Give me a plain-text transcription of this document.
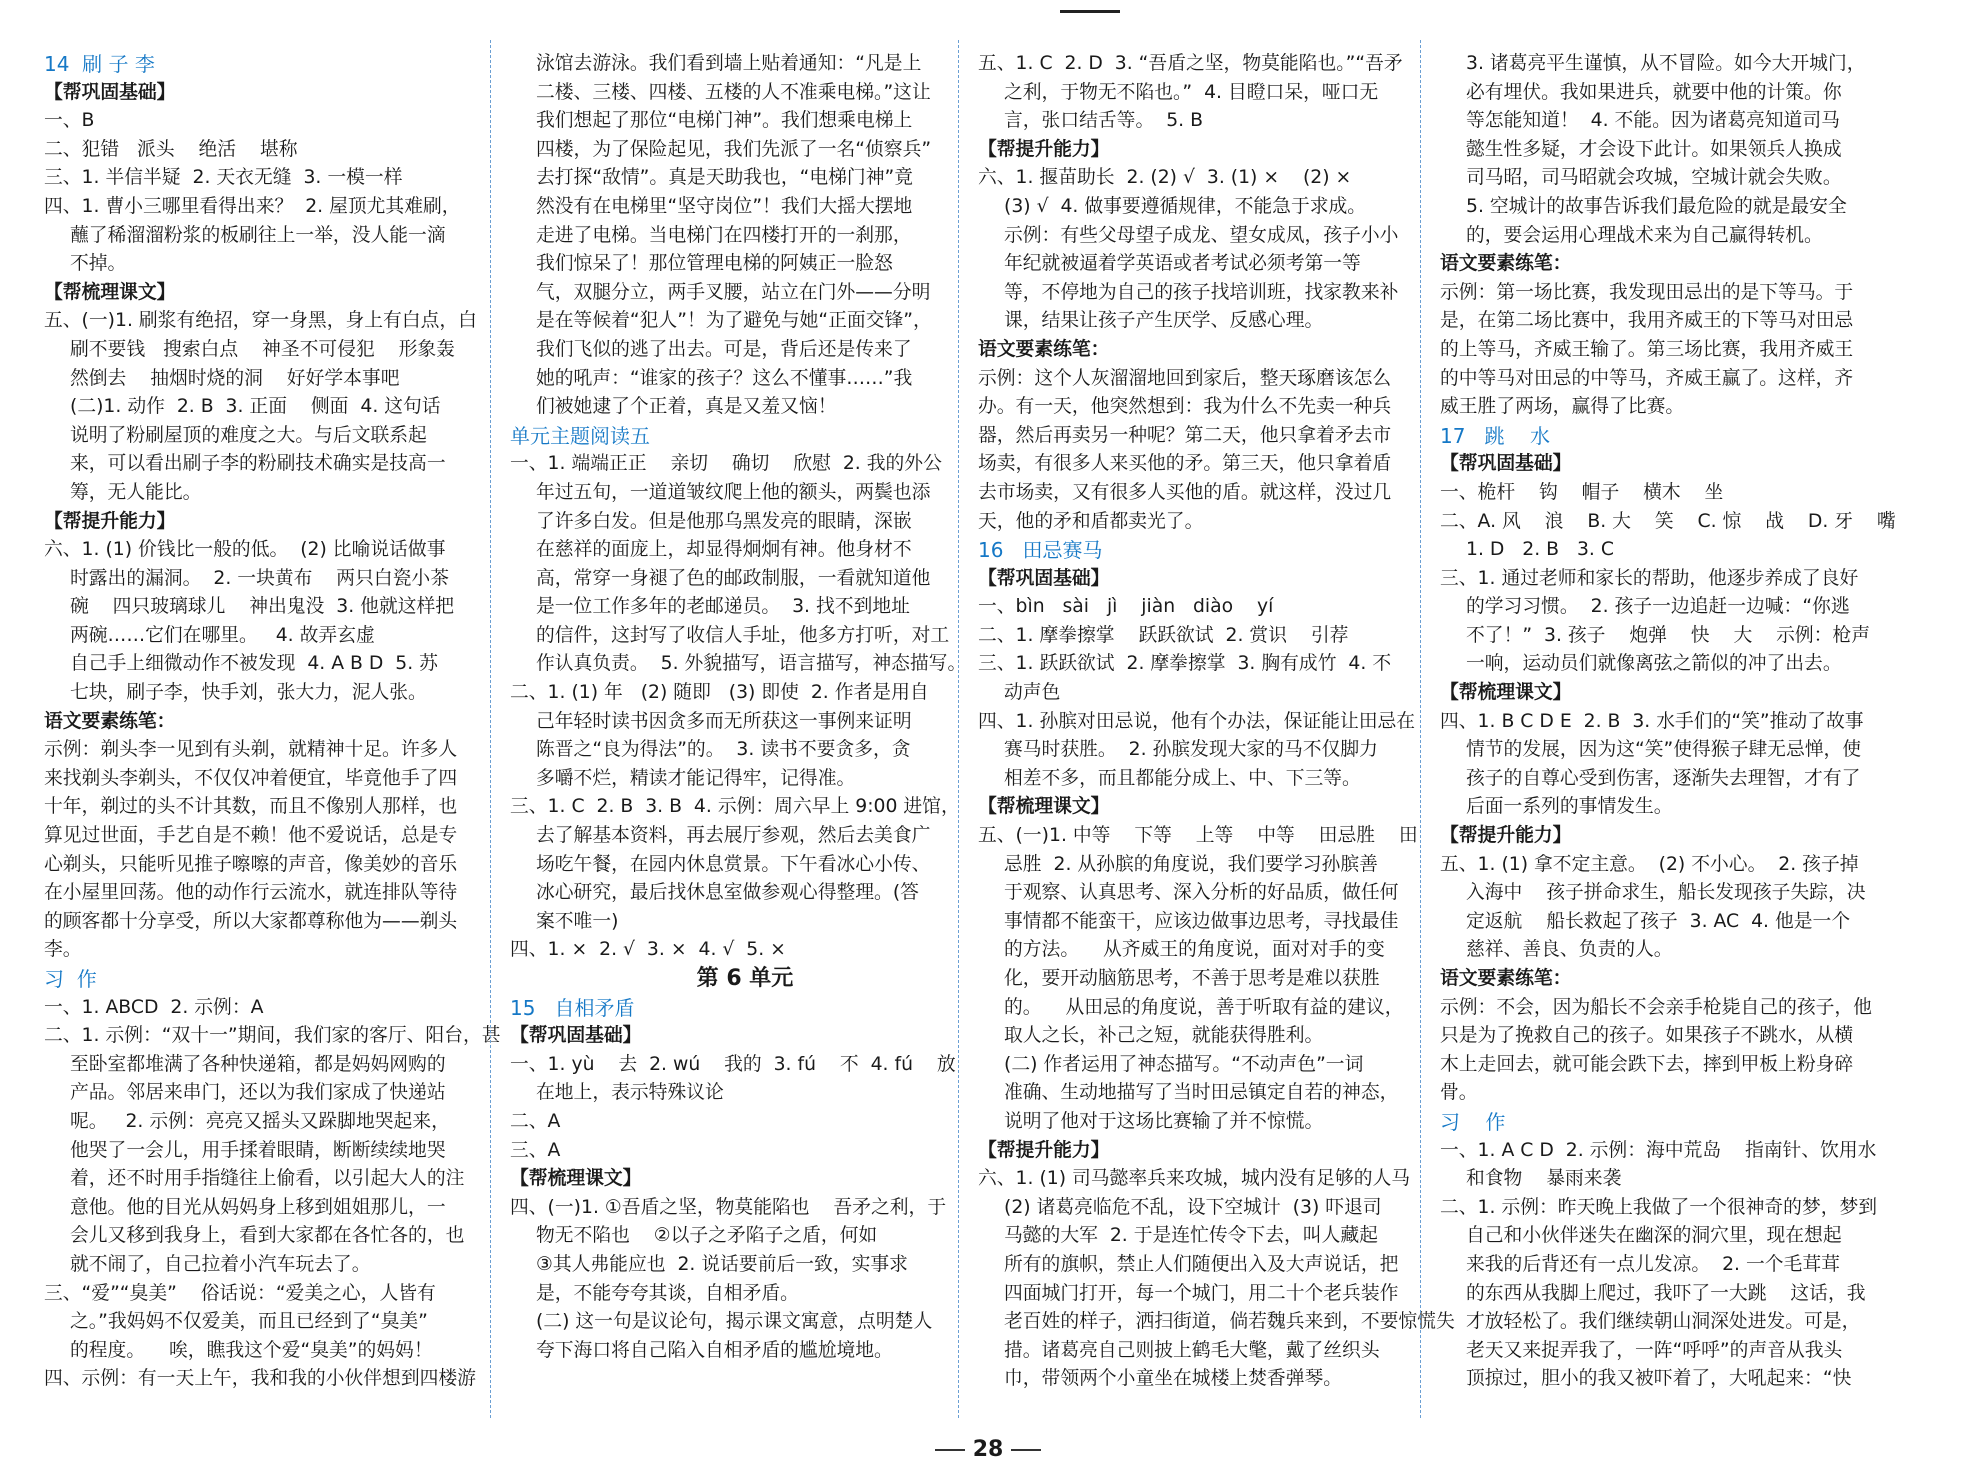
14  刷 子 李
【帮巩固基础】
一、B
二、犯错   派头    绝活    堪称
三、1. 半信半疑  2. 天衣无缝  3. 一模一样
四、1. 曹小三哪里看得出来？  2. 屋顶尤其难刷，
蘸了稀溜溜粉浆的板刷往上一举，没人能一滴
不掉。
【帮梳理课文】
五、(一)1. 刷浆有绝招，穿一身黑，身上有白点，白
刷不要钱   搜索白点    神圣不可侵犯    形象轰
然倒去    抽烟时烧的洞    好好学本事吧
(二)1. 动作  2. B  3. 正面    侧面  4. 这句话
说明了粉刷屋顶的难度之大。与后文联系起
来，可以看出刷子李的粉刷技术确实是技高一
筹，无人能比。
【帮提升能力】
六、1. (1) 价钱比一般的低。  (2) 比喻说话做事
时露出的漏洞。  2. 一块黄布    两只白瓷小茶
碗    四只玻璃球儿    神出鬼没  3. 他就这样把
两碗……它们在哪里。   4. 故弄玄虚
自己手上细微动作不被发现  4. A B D  5. 苏
七块，刷子李，快手刘，张大力，泥人张。
语文要素练笔：
示例：剃头李一见到有头剃，就精神十足。许多人
来找剃头李剃头，不仅仅冲着便宜，毕竟他手了四
十年，剃过的头不计其数，而且不像别人那样，也
算见过世面，手艺自是不赖！他不爱说话，总是专
心剃头，只能听见推子嚓嚓的声音，像美妙的音乐
在小屋里回荡。他的动作行云流水，就连排队等待
的顾客都十分享受，所以大家都尊称他为——剃头
李。
习  作
一、1. ABCD  2. 示例：A
二、1. 示例：“双十一”期间，我们家的客厅、阳台，甚
至卧室都堆满了各种快递箱，都是妈妈网购的
产品。邻居来串门，还以为我们家成了快递站
呢。   2. 示例：亮亮又摇头又跺脚地哭起来，
他哭了一会儿，用手揉着眼睛，断断续续地哭
着，还不时用手指缝往上偷看，以引起大人的注
意他。他的目光从妈妈身上移到姐姐那儿，一
会儿又移到我身上，看到大家都在各忙各的，也
就不闹了，自己拉着小汽车玩去了。
三、“爱”“臭美”    俗话说：“爱美之心，人皆有
之。”我妈妈不仅爱美，而且已经到了“臭美”
的程度。    唉，瞧我这个爱“臭美”的妈妈！
四、示例：有一天上午，我和我的小伙伴想到四楼游
泳馆去游泳。我们看到墙上贴着通知：“凡是上
二楼、三楼、四楼、五楼的人不准乘电梯。”这让
我们想起了那位“电梯门神”。我们想乘电梯上
四楼，为了保险起见，我们先派了一名“侦察兵”
去打探“敌情”。真是天助我也，“电梯门神”竟
然没有在电梯里“坚守岗位”！我们大摇大摆地
走进了电梯。当电梯门在四楼打开的一刹那，
我们惊呆了！那位管理电梯的阿姨正一脸怒
气，双腿分立，两手叉腰，站立在门外——分明
是在等候着“犯人”！为了避免与她“正面交锋”，
我们飞似的逃了出去。可是，背后还是传来了
她的吼声：“谁家的孩子？这么不懂事……”我
们被她逮了个正着，真是又羞又恼！
单元主题阅读五
一、1. 端端正正    亲切    确切    欣慰  2. 我的外公
年过五旬，一道道皱纹爬上他的额头，两鬓也添
了许多白发。但是他那乌黑发亮的眼睛，深嵌
在慈祥的面庞上，却显得炯炯有神。他身材不
高，常穿一身褪了色的邮政制服，一看就知道他
是一位工作多年的老邮递员。  3. 找不到地址
的信件，这封写了收信人手址，他多方打听，对工
作认真负责。  5. 外貌描写，语言描写，神态描写。
二、1. (1) 年   (2) 随即   (3) 即使  2. 作者是用自
己年轻时读书因贪多而无所获这一事例来证明
陈晋之“良为得法”的。  3. 读书不要贪多，贪
多嚼不烂，精读才能记得牢，记得准。
三、1. C  2. B  3. B  4. 示例：周六早上 9:00 进馆，
去了解基本资料，再去展厅参观，然后去美食广
场吃午餐，在园内休息赏景。下午看冰心小传、
冰心研究，最后找休息室做参观心得整理。(答
案不唯一)
四、1. ×  2. √  3. ×  4. √  5. ×
第 6 单元
15   自相矛盾
【帮巩固基础】
一、1. yù    去  2. wú    我的  3. fú    不  4. fú    放
在地上，表示特殊议论
二、A
三、A
【帮梳理课文】
四、(一)1. ①吾盾之坚，物莫能陷也    吾矛之利，于
物无不陷也    ②以子之矛陷子之盾，何如
③其人弗能应也  2. 说话要前后一致，实事求
是，不能夸夸其谈，自相矛盾。
(二) 这一句是议论句，揭示课文寓意，点明楚人
夸下海口将自己陷入自相矛盾的尴尬境地。
五、1. C  2. D  3. “吾盾之坚，物莫能陷也。”“吾矛
之利，于物无不陷也。”  4. 目瞪口呆，哑口无
言，张口结舌等。  5. B
【帮提升能力】
六、1. 揠苗助长  2. (2) √  3. (1) ×    (2) ×
(3) √  4. 做事要遵循规律，不能急于求成。
示例：有些父母望子成龙、望女成凤，孩子小小
年纪就被逼着学英语或者考试必须考第一等
等，不停地为自己的孩子找培训班，找家教来补
课，结果让孩子产生厌学、反感心理。
语文要素练笔：
示例：这个人灰溜溜地回到家后，整天琢磨该怎么
办。有一天，他突然想到：我为什么不先卖一种兵
器，然后再卖另一种呢？第二天，他只拿着矛去市
场卖，有很多人来买他的矛。第三天，他只拿着盾
去市场卖，又有很多人买他的盾。就这样，没过几
天，他的矛和盾都卖光了。
16   田忌赛马
【帮巩固基础】
一、bìn   sài   jì    jiàn   diào    yí
二、1. 摩拳擦掌    跃跃欲试  2. 赏识    引荐
三、1. 跃跃欲试  2. 摩拳擦掌  3. 胸有成竹  4. 不
动声色
四、1. 孙膑对田忌说，他有个办法，保证能让田忌在
赛马时获胜。  2. 孙膑发现大家的马不仅脚力
相差不多，而且都能分成上、中、下三等。
【帮梳理课文】
五、(一)1. 中等    下等    上等    中等    田忌胜    田
忌胜  2. 从孙膑的角度说，我们要学习孙膑善
于观察、认真思考、深入分析的好品质，做任何
事情都不能蛮干，应该边做事边思考，寻找最佳
的方法。    从齐威王的角度说，面对对手的变
化，要开动脑筋思考，不善于思考是难以获胜
的。    从田忌的角度说，善于听取有益的建议，
取人之长，补己之短，就能获得胜利。
(二) 作者运用了神态描写。“不动声色”一词
准确、生动地描写了当时田忌镇定自若的神态，
说明了他对于这场比赛输了并不惊慌。
【帮提升能力】
六、1. (1) 司马懿率兵来攻城，城内没有足够的人马
(2) 诸葛亮临危不乱，设下空城计  (3) 吓退司
马懿的大军  2. 于是连忙传令下去，叫人藏起
所有的旗帜，禁止人们随便出入及大声说话，把
四面城门打开，每一个城门，用二十个老兵装作
老百姓的样子，洒扫街道，倘若魏兵来到，不要惊慌失
措。诸葛亮自己则披上鹤毛大氅，戴了丝织头
巾，带领两个小童坐在城楼上焚香弹琴。
3. 诸葛亮平生谨慎，从不冒险。如今大开城门，
必有埋伏。我如果进兵，就要中他的计策。你
等怎能知道！  4. 不能。因为诸葛亮知道司马
懿生性多疑，才会设下此计。如果领兵人换成
司马昭，司马昭就会攻城，空城计就会失败。
5. 空城计的故事告诉我们最危险的就是最安全
的，要会运用心理战术来为自己赢得转机。
语文要素练笔：
示例：第一场比赛，我发现田忌出的是下等马。于
是，在第二场比赛中，我用齐威王的下等马对田忌
的上等马，齐威王输了。第三场比赛，我用齐威王
的中等马对田忌的中等马，齐威王赢了。这样，齐
威王胜了两场，赢得了比赛。
17   跳    水
【帮巩固基础】
一、桅杆    钩    帽子    横木    坐
二、A. 风    浪    B. 大    笑    C. 惊    战    D. 牙    嘴
1. D   2. B   3. C
三、1. 通过老师和家长的帮助，他逐步养成了良好
的学习习惯。  2. 孩子一边追赶一边喊：“你逃
不了！”  3. 孩子    炮弹    快    大    示例：枪声
一响，运动员们就像离弦之箭似的冲了出去。
【帮梳理课文】
四、1. B C D E  2. B  3. 水手们的“笑”推动了故事
情节的发展，因为这“笑”使得猴子肆无忌惮，使
孩子的自尊心受到伤害，逐渐失去理智，才有了
后面一系列的事情发生。
【帮提升能力】
五、1. (1) 拿不定主意。  (2) 不小心。  2. 孩子掉
入海中    孩子拼命求生，船长发现孩子失踪，决
定返航    船长救起了孩子  3. AC  4. 他是一个
慈祥、善良、负责的人。
语文要素练笔：
示例：不会，因为船长不会亲手枪毙自己的孩子，他
只是为了挽救自己的孩子。如果孩子不跳水，从横
木上走回去，就可能会跌下去，摔到甲板上粉身碎
骨。
习    作
一、1. A C D  2. 示例：海中荒岛    指南针、饮用水
和食物    暴雨来袭
二、1. 示例：昨天晚上我做了一个很神奇的梦，梦到
自己和小伙伴迷失在幽深的洞穴里，现在想起
来我的后背还有一点儿发凉。  2. 一个毛茸茸
的东西从我脚上爬过，我吓了一大跳    这话，我
才放轻松了。我们继续朝山洞深处进发。可是，
老天又来捉弄我了，一阵“呼呼”的声音从我头
顶掠过，胆小的我又被吓着了，大吼起来：“快
28
